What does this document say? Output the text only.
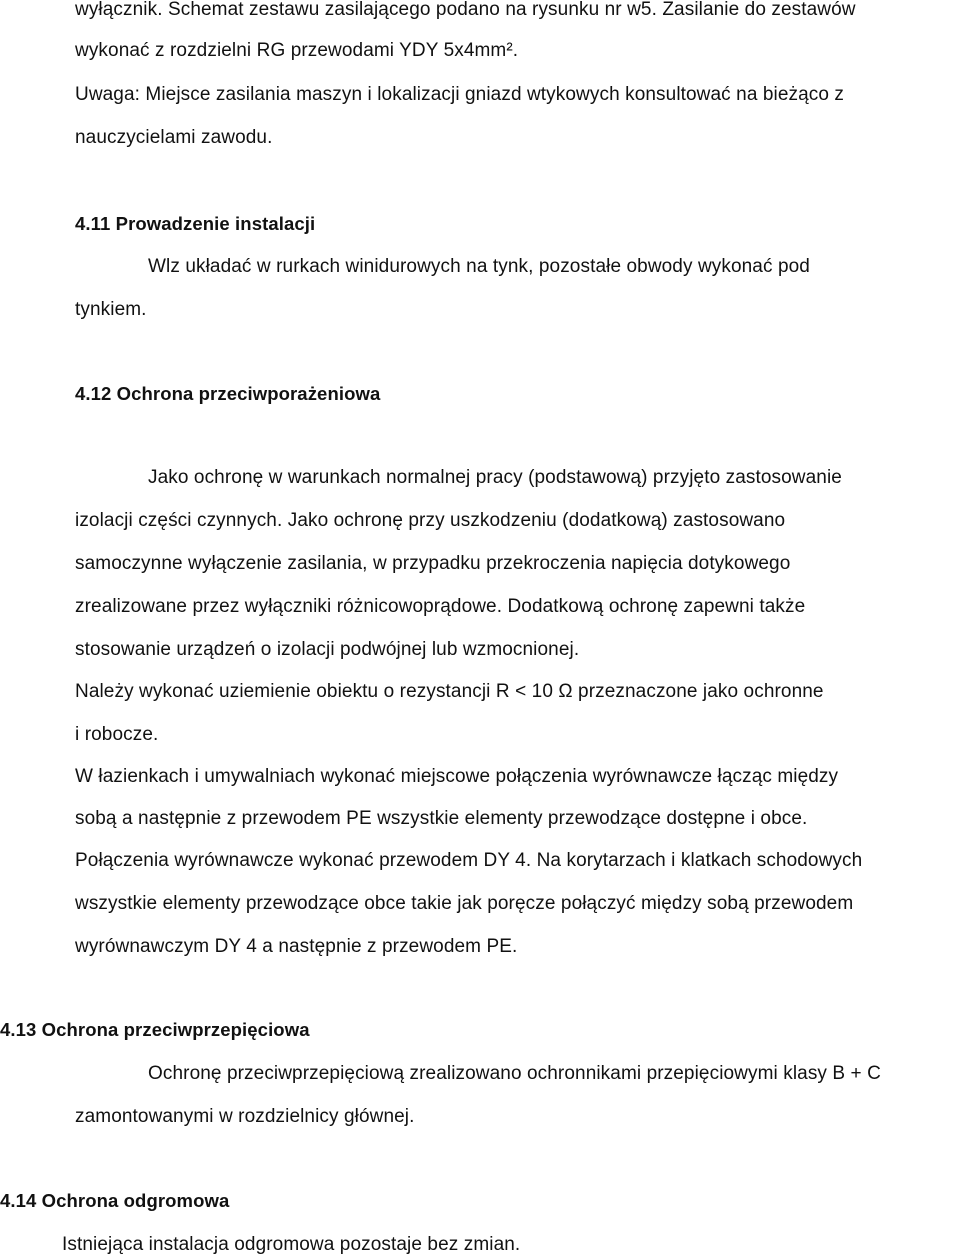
wyłącznik. Schemat zestawu zasilającego podano na rysunku nr w5. Zasilanie do zestawów
wykonać z rozdzielni RG przewodami YDY 5x4mm².
Uwaga: Miejsce zasilania maszyn i lokalizacji gniazd wtykowych konsultować na bieżąco z
nauczycielami zawodu.
4.11 Prowadzenie instalacji
Wlz układać w rurkach winidurowych na tynk, pozostałe obwody wykonać pod
tynkiem.
4.12 Ochrona przeciwporażeniowa
Jako ochronę w warunkach normalnej pracy (podstawową) przyjęto zastosowanie
izolacji części czynnych. Jako ochronę przy uszkodzeniu (dodatkową) zastosowano
samoczynne wyłączenie zasilania, w przypadku przekroczenia napięcia dotykowego
zrealizowane przez wyłączniki różnicowoprądowe. Dodatkową ochronę zapewni także
stosowanie urządzeń o izolacji podwójnej lub wzmocnionej.
Należy wykonać uziemienie obiektu o rezystancji R < 10 Ω przeznaczone jako ochronne
i robocze.
W łazienkach i umywalniach wykonać miejscowe połączenia wyrównawcze łącząc między
sobą a następnie z przewodem PE wszystkie elementy przewodzące dostępne i obce.
Połączenia wyrównawcze wykonać przewodem DY 4. Na korytarzach i klatkach schodowych
wszystkie elementy przewodzące obce takie jak poręcze połączyć między sobą przewodem
wyrównawczym DY 4 a następnie z przewodem PE.
4.13 Ochrona przeciwprzepięciowa
Ochronę przeciwprzepięciową zrealizowano ochronnikami przepięciowymi klasy B + C
zamontowanymi w rozdzielnicy głównej.
4.14 Ochrona odgromowa
Istniejąca instalacja odgromowa pozostaje bez zmian.
